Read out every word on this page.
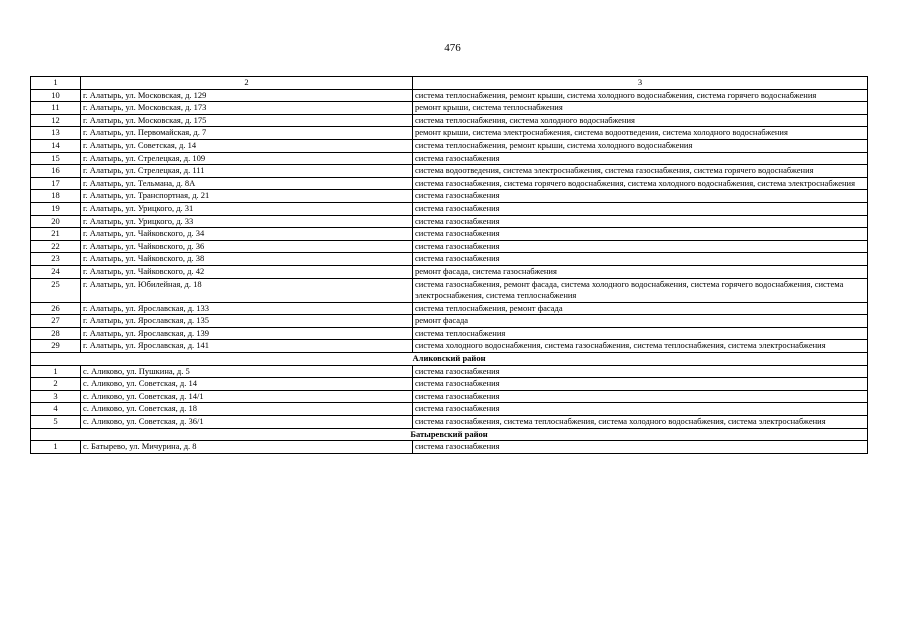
476
1	2	3
10	г. Алатырь, ул. Московская, д. 129	система теплоснабжения, ремонт крыши, система холодного водоснабжения, система горячего водоснабжения
11	г. Алатырь, ул. Московская, д. 173	ремонт крыши, система теплоснабжения
12	г. Алатырь, ул. Московская, д. 175	система теплоснабжения, система холодного водоснабжения
13	г. Алатырь, ул. Первомайская, д. 7	ремонт крыши, система электроснабжения, система водоотведения, система холодного водоснабжения
14	г. Алатырь, ул. Советская, д. 14	система теплоснабжения, ремонт крыши, система холодного водоснабжения
15	г. Алатырь, ул. Стрелецкая, д. 109	система газоснабжения
16	г. Алатырь, ул. Стрелецкая, д. 111	система водоотведения, система электроснабжения, система газоснабжения, система горячего водоснабжения
17	г. Алатырь, ул. Тельмана, д. 8А	система газоснабжения, система горячего водоснабжения, система холодного водоснабжения, система электроснабжения
18	г. Алатырь, ул. Транспортная, д. 21	система газоснабжения
19	г. Алатырь, ул. Урицкого, д. 31	система газоснабжения
20	г. Алатырь, ул. Урицкого, д. 33	система газоснабжения
21	г. Алатырь, ул. Чайковского, д. 34	система газоснабжения
22	г. Алатырь, ул. Чайковского, д. 36	система газоснабжения
23	г. Алатырь, ул. Чайковского, д. 38	система газоснабжения
24	г. Алатырь, ул. Чайковского, д. 42	ремонт фасада, система газоснабжения
25	г. Алатырь, ул. Юбилейная, д. 18	система газоснабжения, ремонт фасада, система холодного водоснабжения, система горячего водоснабжения, система электроснабжения, система теплоснабжения
26	г. Алатырь, ул. Ярославская, д. 133	система теплоснабжения, ремонт фасада
27	г. Алатырь, ул. Ярославская, д. 135	ремонт фасада
28	г. Алатырь, ул. Ярославская, д. 139	система теплоснабжения
29	г. Алатырь, ул. Ярославская, д. 141	система холодного водоснабжения, система газоснабжения, система теплоснабжения, система электроснабжения
Аликовский район		
1	с. Аликово, ул. Пушкина, д. 5	система газоснабжения
2	с. Аликово, ул. Советская, д. 14	система газоснабжения
3	с. Аликово, ул. Советская, д. 14/1	система газоснабжения
4	с. Аликово, ул. Советская, д. 18	система газоснабжения
5	с. Аликово, ул. Советская, д. 36/1	система газоснабжения, система теплоснабжения, система холодного водоснабжения, система электроснабжения
Батыревский район		
1	с. Батырево, ул. Мичурина, д. 8	система газоснабжения
